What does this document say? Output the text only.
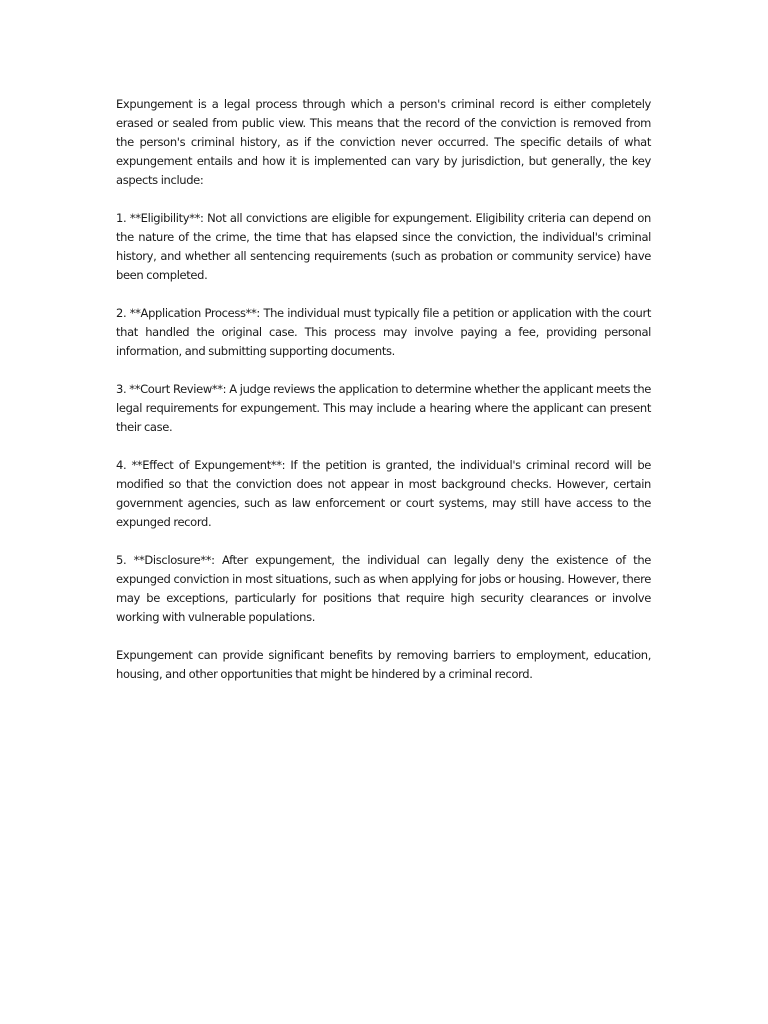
Expungement is a legal process through which a person's criminal record is either completely erased or sealed from public view. This means that the record of the conviction is removed from the person's criminal history, as if the conviction never occurred. The specific details of what expungement entails and how it is implemented can vary by jurisdiction, but generally, the key aspects include:

1. **Eligibility**: Not all convictions are eligible for expungement. Eligibility criteria can depend on the nature of the crime, the time that has elapsed since the conviction, the individual's criminal history, and whether all sentencing requirements (such as probation or community service) have been completed.

2. **Application Process**: The individual must typically file a petition or application with the court that handled the original case. This process may involve paying a fee, providing personal information, and submitting supporting documents.

3. **Court Review**: A judge reviews the application to determine whether the applicant meets the legal requirements for expungement. This may include a hearing where the applicant can present their case.

4. **Effect of Expungement**: If the petition is granted, the individual's criminal record will be modified so that the conviction does not appear in most background checks. However, certain government agencies, such as law enforcement or court systems, may still have access to the expunged record.

5. **Disclosure**: After expungement, the individual can legally deny the existence of the expunged conviction in most situations, such as when applying for jobs or housing. However, there may be exceptions, particularly for positions that require high security clearances or involve working with vulnerable populations.

Expungement can provide significant benefits by removing barriers to employment, education, housing, and other opportunities that might be hindered by a criminal record.
